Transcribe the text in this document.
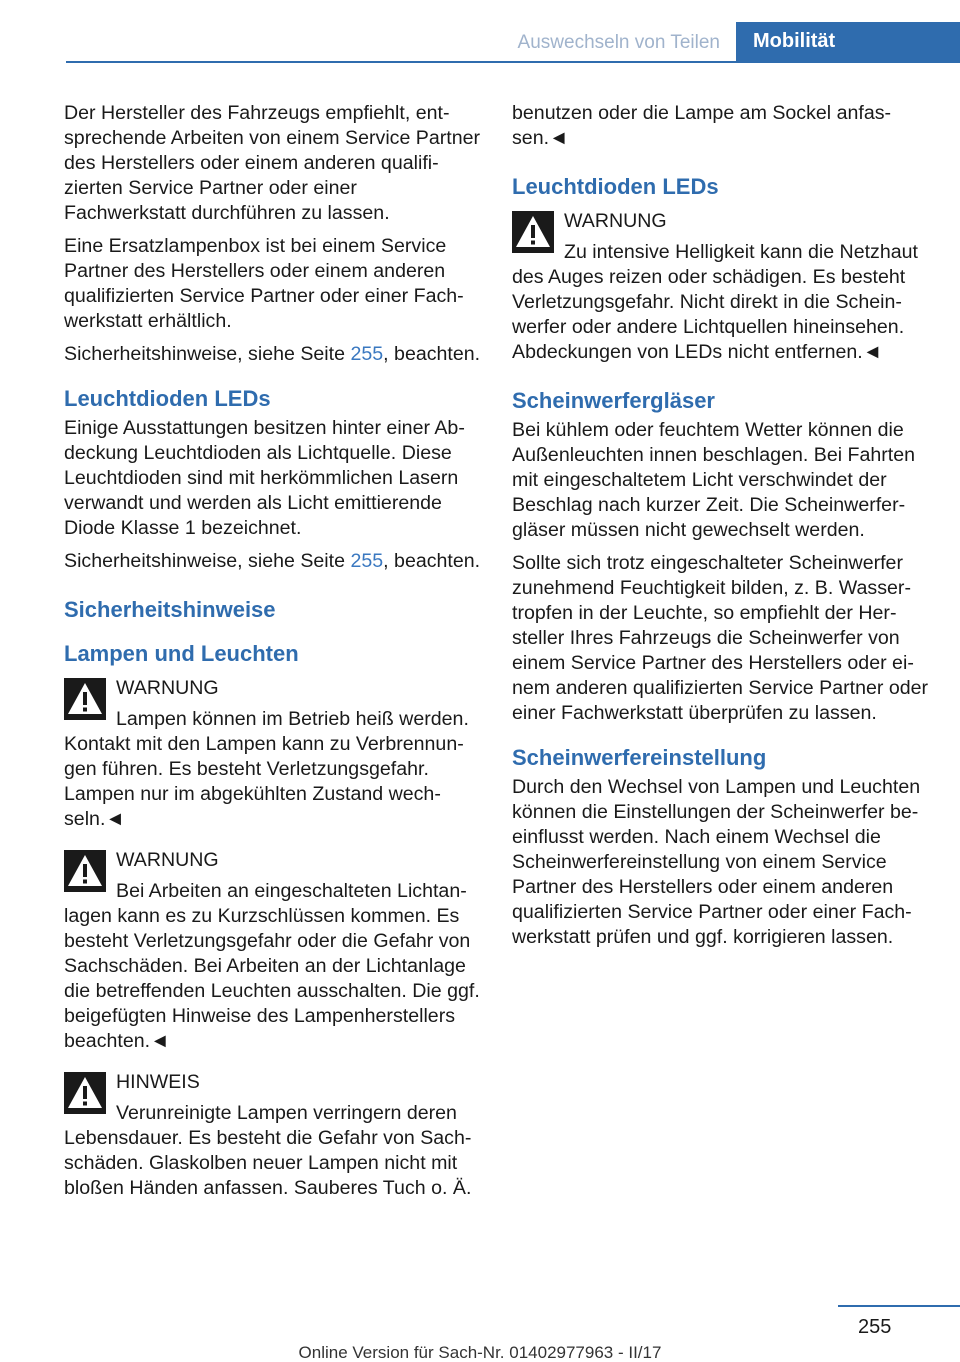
Auswechseln von Teilen	Mobilität

Der Hersteller des Fahrzeugs empfiehlt, entsprechende Arbeiten von einem Service Partner des Herstellers oder einem anderen qualifizierten Service Partner oder einer Fachwerkstatt durchführen zu lassen.

Eine Ersatzlampenbox ist bei einem Service Partner des Herstellers oder einem anderen qualifizierten Service Partner oder einer Fachwerkstatt erhältlich.

Sicherheitshinweise, siehe Seite 255, beachten.

Leuchtdioden LEDs

Einige Ausstattungen besitzen hinter einer Abdeckung Leuchtdioden als Lichtquelle. Diese Leuchtdioden sind mit herkömmlichen Lasern verwandt und werden als Licht emittierende Diode Klasse 1 bezeichnet.

Sicherheitshinweise, siehe Seite 255, beachten.

Sicherheitshinweise
Lampen und Leuchten
WARNUNG
Lampen können im Betrieb heiß werden. Kontakt mit den Lampen kann zu Verbrennungen führen. Es besteht Verletzungsgefahr. Lampen nur im abgekühlten Zustand wechseln.◄
WARNUNG
Bei Arbeiten an eingeschalteten Lichtanlagen kann es zu Kurzschlüssen kommen. Es besteht Verletzungsgefahr oder die Gefahr von Sachschäden. Bei Arbeiten an der Lichtanlage die betreffenden Leuchten ausschalten. Die ggf. beigefügten Hinweise des Lampenherstellers beachten.◄
HINWEIS
Verunreinigte Lampen verringern deren Lebensdauer. Es besteht die Gefahr von Sachschäden. Glaskolben neuer Lampen nicht mit bloßen Händen anfassen. Sauberes Tuch o. Ä.

benutzen oder die Lampe am Sockel anfassen.◄

Leuchtdioden LEDs
WARNUNG
Zu intensive Helligkeit kann die Netzhaut des Auges reizen oder schädigen. Es besteht Verletzungsgefahr. Nicht direkt in die Scheinwerfer oder andere Lichtquellen hineinsehen. Abdeckungen von LEDs nicht entfernen.◄
Scheinwerfergläser

Bei kühlem oder feuchtem Wetter können die Außenleuchten innen beschlagen. Bei Fahrten mit eingeschaltetem Licht verschwindet der Beschlag nach kurzer Zeit. Die Scheinwerfergläser müssen nicht gewechselt werden.

Sollte sich trotz eingeschalteter Scheinwerfer zunehmend Feuchtigkeit bilden, z. B. Wassertropfen in der Leuchte, so empfiehlt der Hersteller Ihres Fahrzeugs die Scheinwerfer von einem Service Partner des Herstellers oder einem anderen qualifizierten Service Partner oder einer Fachwerkstatt überprüfen zu lassen.

Scheinwerfereinstellung

Durch den Wechsel von Lampen und Leuchten können die Einstellungen der Scheinwerfer beeinflusst werden. Nach einem Wechsel die Scheinwerfereinstellung von einem Service Partner des Herstellers oder einem anderen qualifizierten Service Partner oder einer Fachwerkstatt prüfen und ggf. korrigieren lassen.

255
Online Version für Sach-Nr. 01402977963 - II/17
